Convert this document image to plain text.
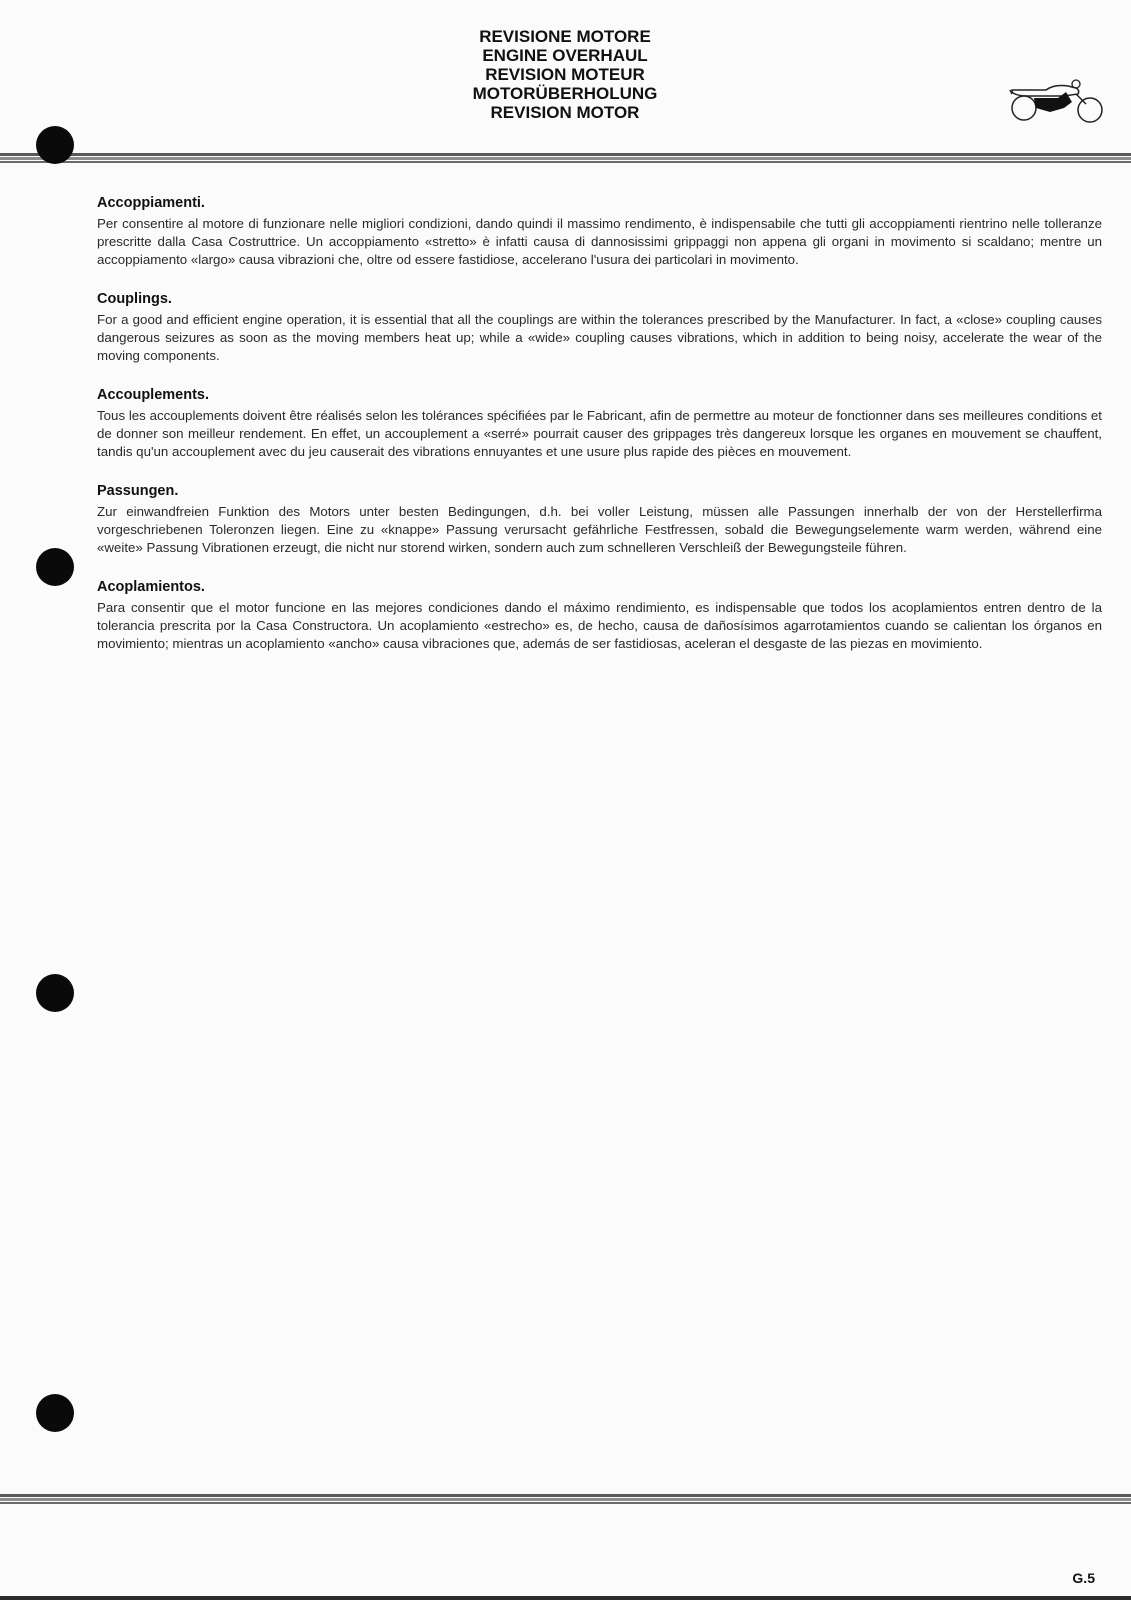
REVISIONE MOTORE
ENGINE OVERHAUL
REVISION MOTEUR
MOTORÜBERHOLUNG
REVISION MOTOR
Accoppiamenti.

Per consentire al motore di funzionare nelle migliori condizioni, dando quindi il massimo rendimento, è indispensabile che tutti gli accoppiamenti rientrino nelle tolleranze prescritte dalla Casa Costruttrice. Un accoppiamento «stretto» è infatti causa di dannosissimi grippaggi non appena gli organi in movimento si scaldano; mentre un accoppiamento «largo» causa vibrazioni che, oltre od essere fastidiose, accelerano l'usura dei particolari in movimento.

Couplings.

For a good and efficient engine operation, it is essential that all the couplings are within the tolerances prescribed by the Manufacturer. In fact, a «close» coupling causes dangerous seizures as soon as the moving members heat up; while a «wide» coupling causes vibrations, which in addition to being noisy, accelerate the wear of the moving components.

Accouplements.

Tous les accouplements doivent être réalisés selon les tolérances spécifiées par le Fabricant, afin de permettre au moteur de fonctionner dans ses meilleures conditions et de donner son meilleur rendement. En effet, un accouplement a «serré» pourrait causer des grippages très dangereux lorsque les organes en mouvement se chauffent, tandis qu'un accouplement avec du jeu causerait des vibrations ennuyantes et une usure plus rapide des pièces en mouvement.

Passungen.

Zur einwandfreien Funktion des Motors unter besten Bedingungen, d.h. bei voller Leistung, müssen alle Passungen innerhalb der von der Herstellerfirma vorgeschriebenen Toleronzen liegen. Eine zu «knappe» Passung verursacht gefährliche Festfressen, sobald die Bewegungselemente warm werden, während eine «weite» Passung Vibrationen erzeugt, die nicht nur storend wirken, sondern auch zum schnelleren Verschleiß der Bewegungsteile führen.

Acoplamientos.

Para consentir que el motor funcione en las mejores condiciones dando el máximo rendimiento, es indispensable que todos los acoplamientos entren dentro de la tolerancia prescrita por la Casa Constructora. Un acoplamiento «estrecho» es, de hecho, causa de dañosísimos agarrotamientos cuando se calientan los órganos en movimiento; mientras un acoplamiento «ancho» causa vibraciones que, además de ser fastidiosas, aceleran el desgaste de las piezas en movimiento.

G.5
